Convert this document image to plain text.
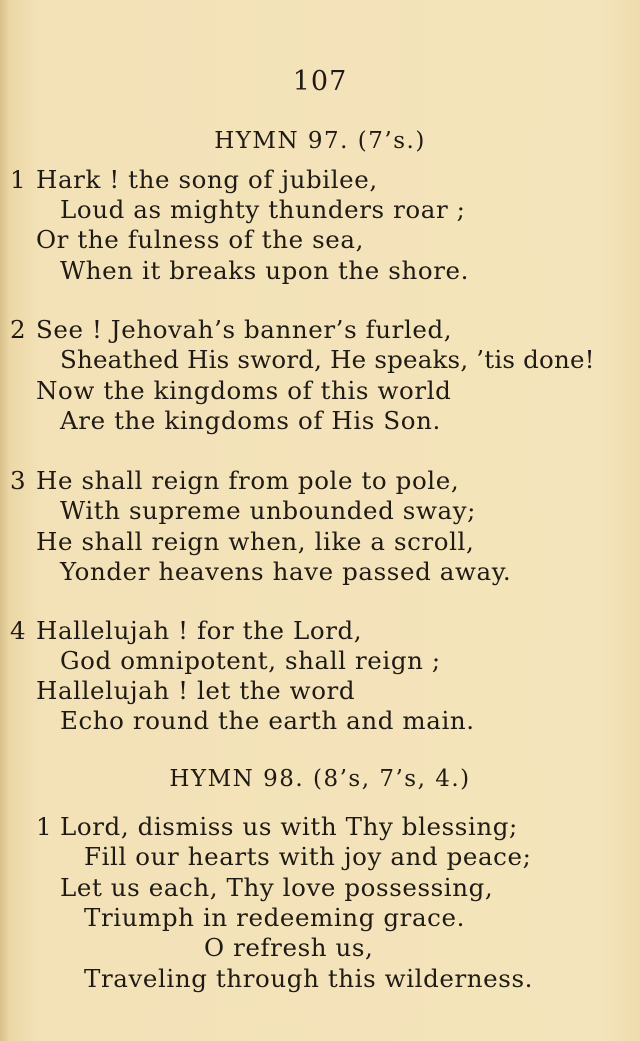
107
HYMN 97. (7’s.)
1 Hark ! the song of jubilee,
Loud as mighty thunders roar ;
Or the fulness of the sea,
When it breaks upon the shore.
2 See ! Jehovah’s banner’s furled,
Sheathed His sword, He speaks, ’tis done!
Now the kingdoms of this world
Are the kingdoms of His Son.
3 He shall reign from pole to pole,
With supreme unbounded sway;
He shall reign when, like a scroll,
Yonder heavens have passed away.
4 Hallelujah ! for the Lord,
God omnipotent, shall reign ;
Hallelujah ! let the word
Echo round the earth and main.
HYMN 98. (8’s, 7’s, 4.)
1 Lord, dismiss us with Thy blessing;
Fill our hearts with joy and peace;
Let us each, Thy love possessing,
Triumph in redeeming grace.
O refresh us,
Traveling through this wilderness.
